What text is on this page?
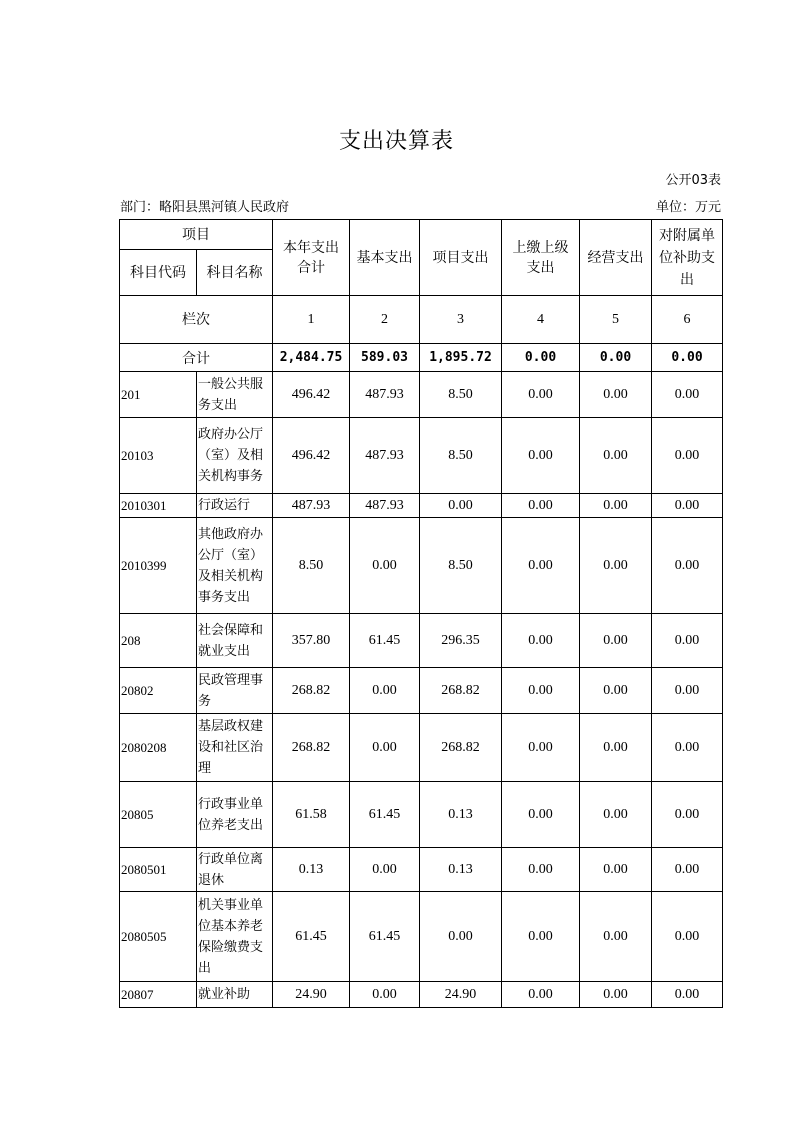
支出决算表
公开03表
部门：略阳县黑河镇人民政府	单位：万元
项目		本年支出合计	基本支出	项目支出	上缴上级支出	经营支出	对附属单位补助支出

科目代码	科目名称						
栏次		1	2	3	4	5	6
合计		2,484.75	589.03	1,895.72	0.00	0.00	0.00
201	一般公共服务支出	496.42	487.93	8.50	0.00	0.00	0.00
20103	政府办公厅（室）及相关机构事务	496.42	487.93	8.50	0.00	0.00	0.00
2010301	行政运行	487.93	487.93	0.00	0.00	0.00	0.00
2010399	其他政府办公厅（室）及相关机构事务支出	8.50	0.00	8.50	0.00	0.00	0.00
208	社会保障和就业支出	357.80	61.45	296.35	0.00	0.00	0.00
20802	民政管理事务	268.82	0.00	268.82	0.00	0.00	0.00
2080208	基层政权建设和社区治理	268.82	0.00	268.82	0.00	0.00	0.00
20805	行政事业单位养老支出	61.58	61.45	0.13	0.00	0.00	0.00
2080501	行政单位离退休	0.13	0.00	0.13	0.00	0.00	0.00
2080505	机关事业单位基本养老保险缴费支出	61.45	61.45	0.00	0.00	0.00	0.00
20807	就业补助	24.90	0.00	24.90	0.00	0.00	0.00
